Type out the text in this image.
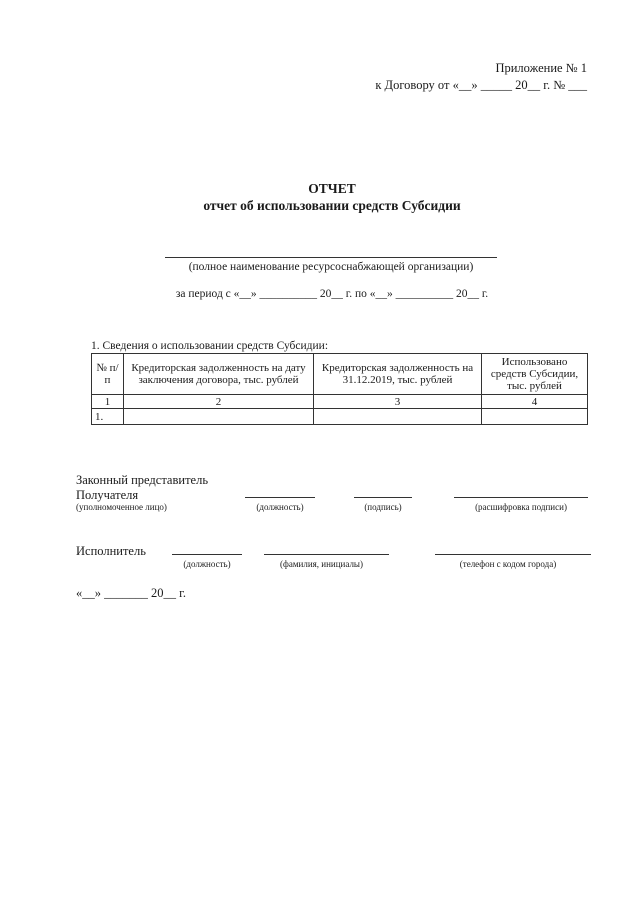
Приложение № 1
к Договору от «__» _____ 20__ г. № ___
ОТЧЕТ
отчет об использовании средств Субсидии
(полное наименование ресурсоснабжающей организации)
за период с «__» __________ 20__ г. по «__» __________ 20__ г.
1. Сведения о использовании средств Субсидии:
№ п/п	Кредиторская задолженность на дату заключения договора, тыс. рублей	Кредиторская задолженность на 31.12.2019, тыс. рублей	Использовано средств Субсидии, тыс. рублей
1	2	3	4
1.			
Законный представитель
Получателя
(уполномоченное лицо)	(должность)	(подпись)	(расшифровка подписи)
Исполнитель
(должность)	(фамилия, инициалы)	(телефон с кодом города)
«__» _______ 20__ г.
